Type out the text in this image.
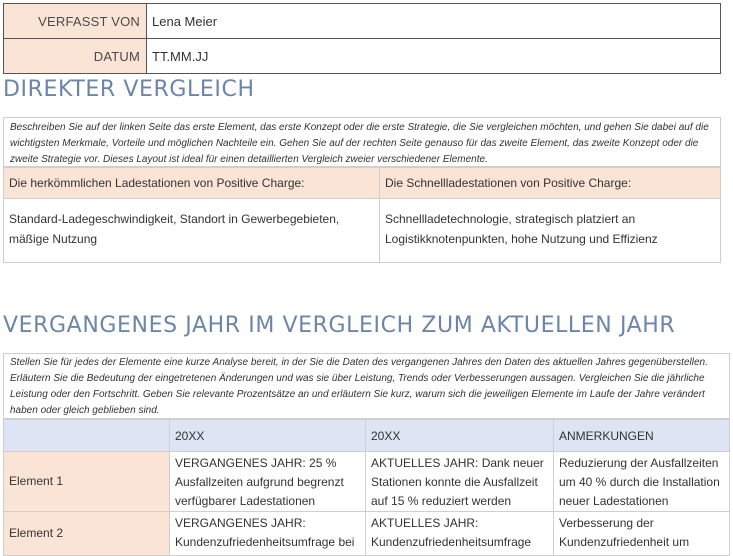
VERFASST VON	Lena Meier
DATUM	TT.MM.JJ
DIREKTER VERGLEICH
Beschreiben Sie auf der linken Seite das erste Element, das erste Konzept oder die erste Strategie, die Sie vergleichen möchten, und gehen Sie dabei auf die wichtigsten Merkmale, Vorteile und möglichen Nachteile ein. Gehen Sie auf der rechten Seite genauso für das zweite Element, das zweite Konzept oder die zweite Strategie vor. Dieses Layout ist ideal für einen detaillierten Vergleich zweier verschiedener Elemente.
Die herkömmlichen Ladestationen von Positive Charge:	Die Schnellladestationen von Positive Charge:
Standard-Ladegeschwindigkeit, Standort in Gewerbegebieten, mäßige Nutzung	Schnellladetechnologie, strategisch platziert an Logistikknotenpunkten, hohe Nutzung und Effizienz
VERGANGENES JAHR IM VERGLEICH ZUM AKTUELLEN JAHR
Stellen Sie für jedes der Elemente eine kurze Analyse bereit, in der Sie die Daten des vergangenen Jahres den Daten des aktuellen Jahres gegenüberstellen. Erläutern Sie die Bedeutung der eingetretenen Änderungen und was sie über Leistung, Trends oder Verbesserungen aussagen. Vergleichen Sie die jährliche Leistung oder den Fortschritt. Geben Sie relevante Prozentsätze an und erläutern Sie kurz, warum sich die jeweiligen Elemente im Laufe der Jahre verändert haben oder gleich geblieben sind.
	20XX	20XX	ANMERKUNGEN
Element 1	VERGANGENES JAHR: 25 % Ausfallzeiten aufgrund begrenzt verfügbarer Ladestationen	AKTUELLES JAHR: Dank neuer Stationen konnte die Ausfallzeit auf 15 % reduziert werden	Reduzierung der Ausfallzeiten um 40 % durch die Installation neuer Ladestationen
Element 2	VERGANGENES JAHR: Kundenzufriedenheitsumfrage bei	AKTUELLES JAHR: Kundenzufriedenheitsumfrage	Verbesserung der Kundenzufriedenheit um
